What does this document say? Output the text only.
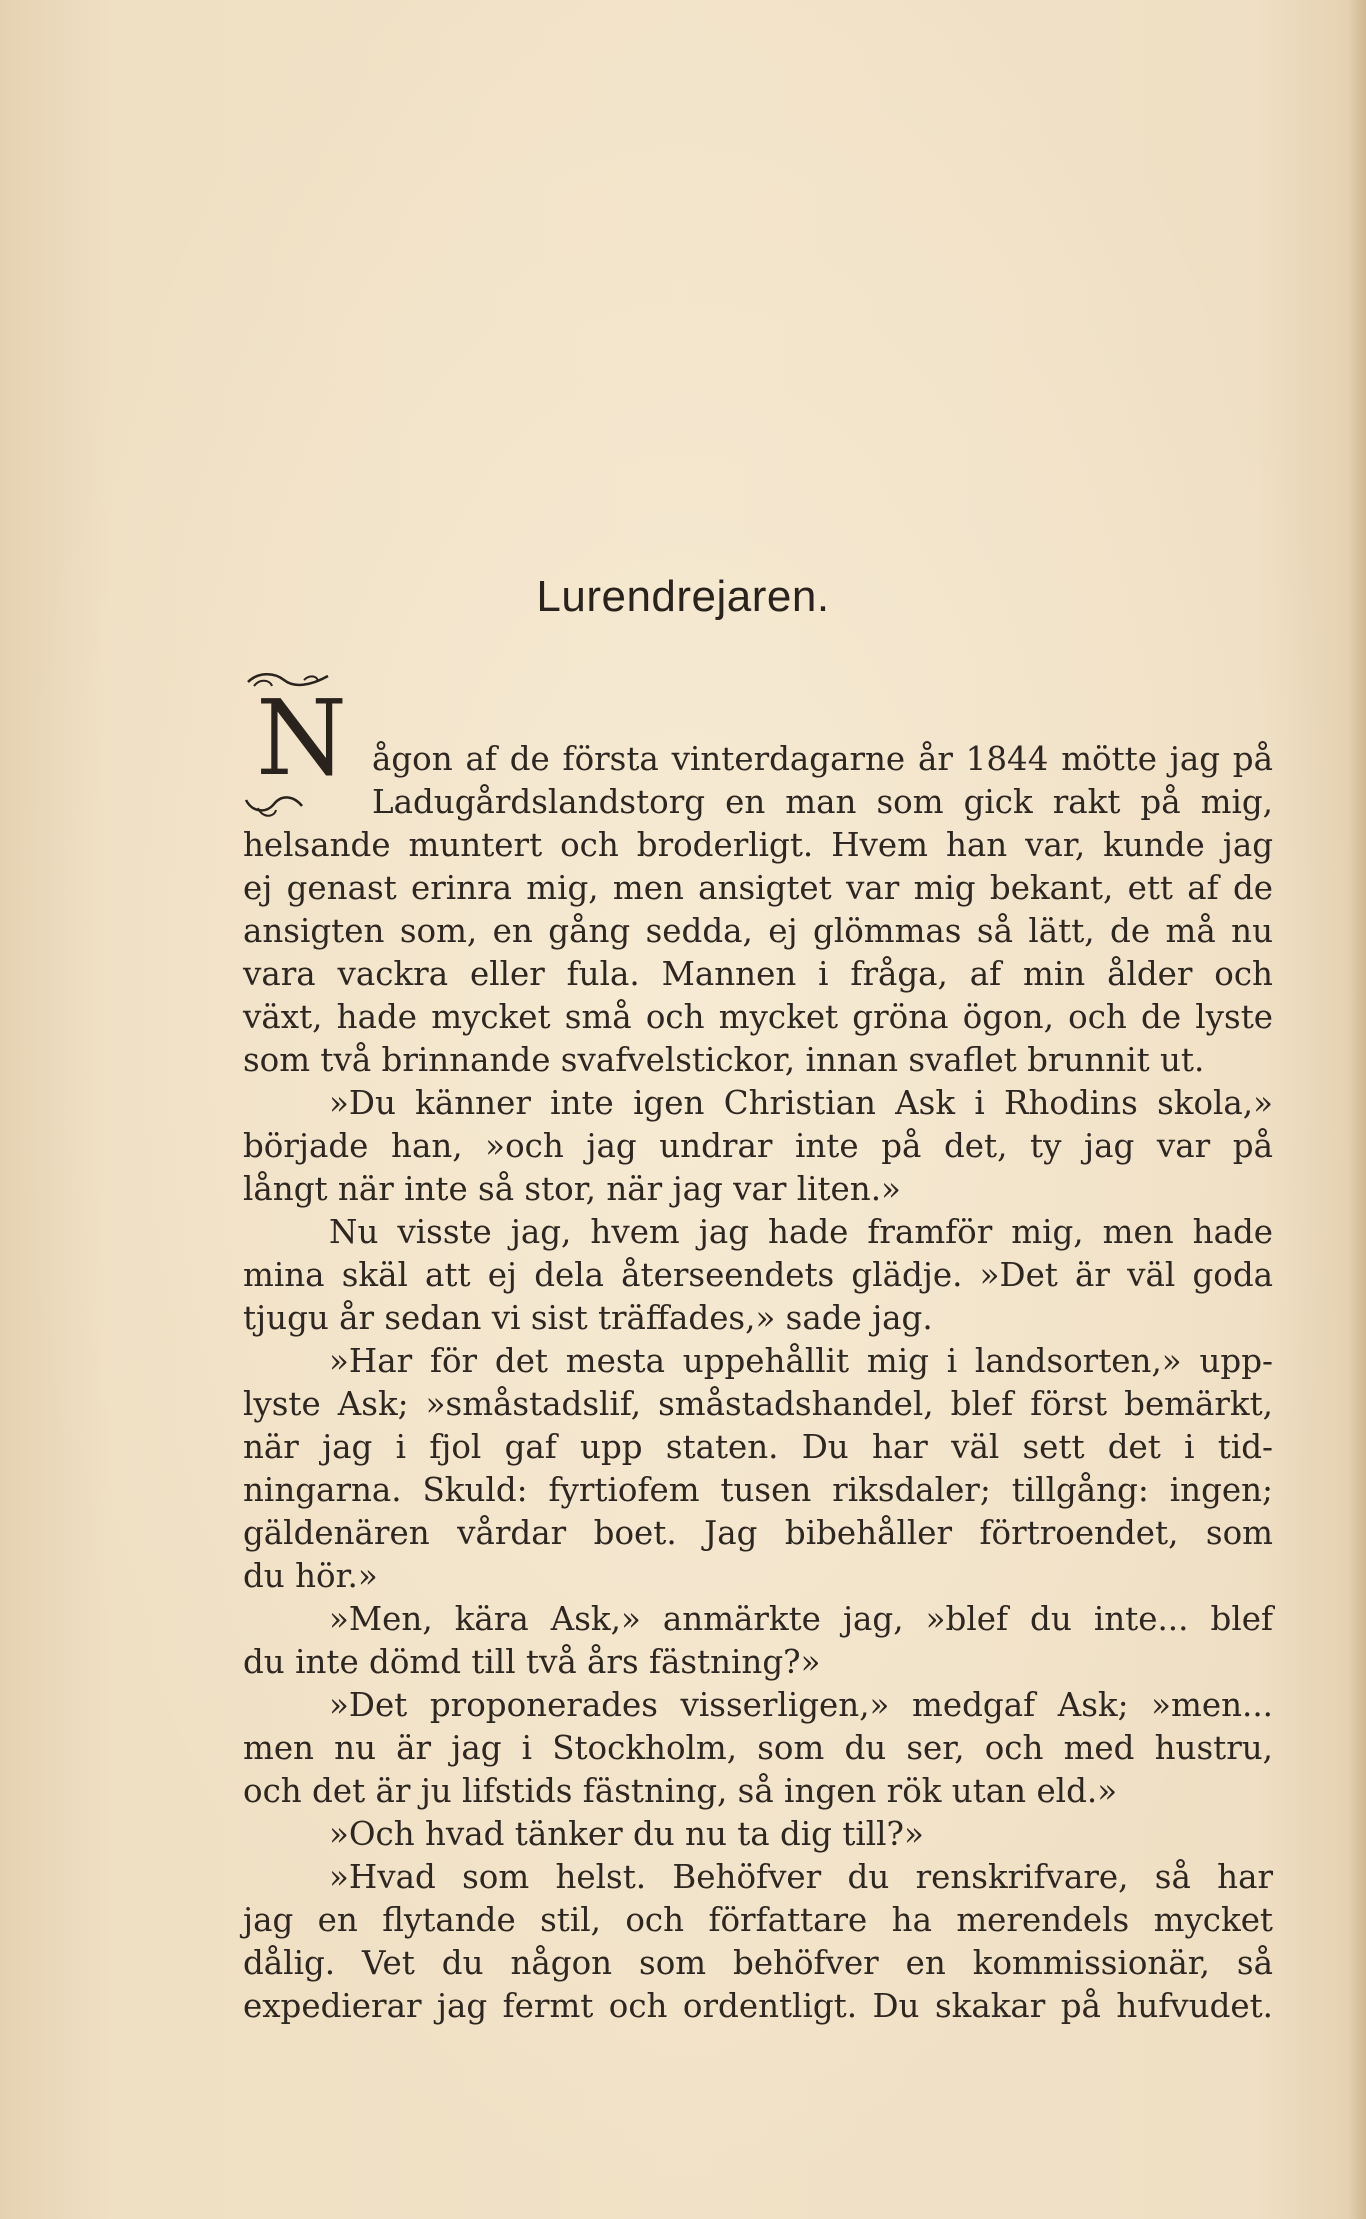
Lurendrejaren.
N ågon af de första vinterdagarne år 1844 mötte jag på
Ladugårdslandstorg en man som gick rakt på mig,
helsande muntert och broderligt. Hvem han var, kunde jag
ej genast erinra mig, men ansigtet var mig bekant, ett af de
ansigten som, en gång sedda, ej glömmas så lätt, de må nu
vara vackra eller fula. Mannen i fråga, af min ålder och
växt, hade mycket små och mycket gröna ögon, och de lyste
som två brinnande svafvelstickor, innan svaflet brunnit ut.
»Du känner inte igen Christian Ask i Rhodins skola,»
började han, »och jag undrar inte på det, ty jag var på
långt när inte så stor, när jag var liten.»
Nu visste jag, hvem jag hade framför mig, men hade
mina skäl att ej dela återseendets glädje. »Det är väl goda
tjugu år sedan vi sist träffades,» sade jag.
»Har för det mesta uppehållit mig i landsorten,» upp-
lyste Ask; »småstadslif, småstadshandel, blef först bemärkt,
när jag i fjol gaf upp staten. Du har väl sett det i tid-
ningarna. Skuld: fyrtiofem tusen riksdaler; tillgång: ingen;
gäldenären vårdar boet. Jag bibehåller förtroendet, som
du hör.»
»Men, kära Ask,» anmärkte jag, »blef du inte... blef
du inte dömd till två års fästning?»
»Det proponerades visserligen,» medgaf Ask; »men...
men nu är jag i Stockholm, som du ser, och med hustru,
och det är ju lifstids fästning, så ingen rök utan eld.»
»Och hvad tänker du nu ta dig till?»
»Hvad som helst. Behöfver du renskrifvare, så har
jag en flytande stil, och författare ha merendels mycket
dålig. Vet du någon som behöfver en kommissionär, så
expedierar jag fermt och ordentligt. Du skakar på hufvudet.
